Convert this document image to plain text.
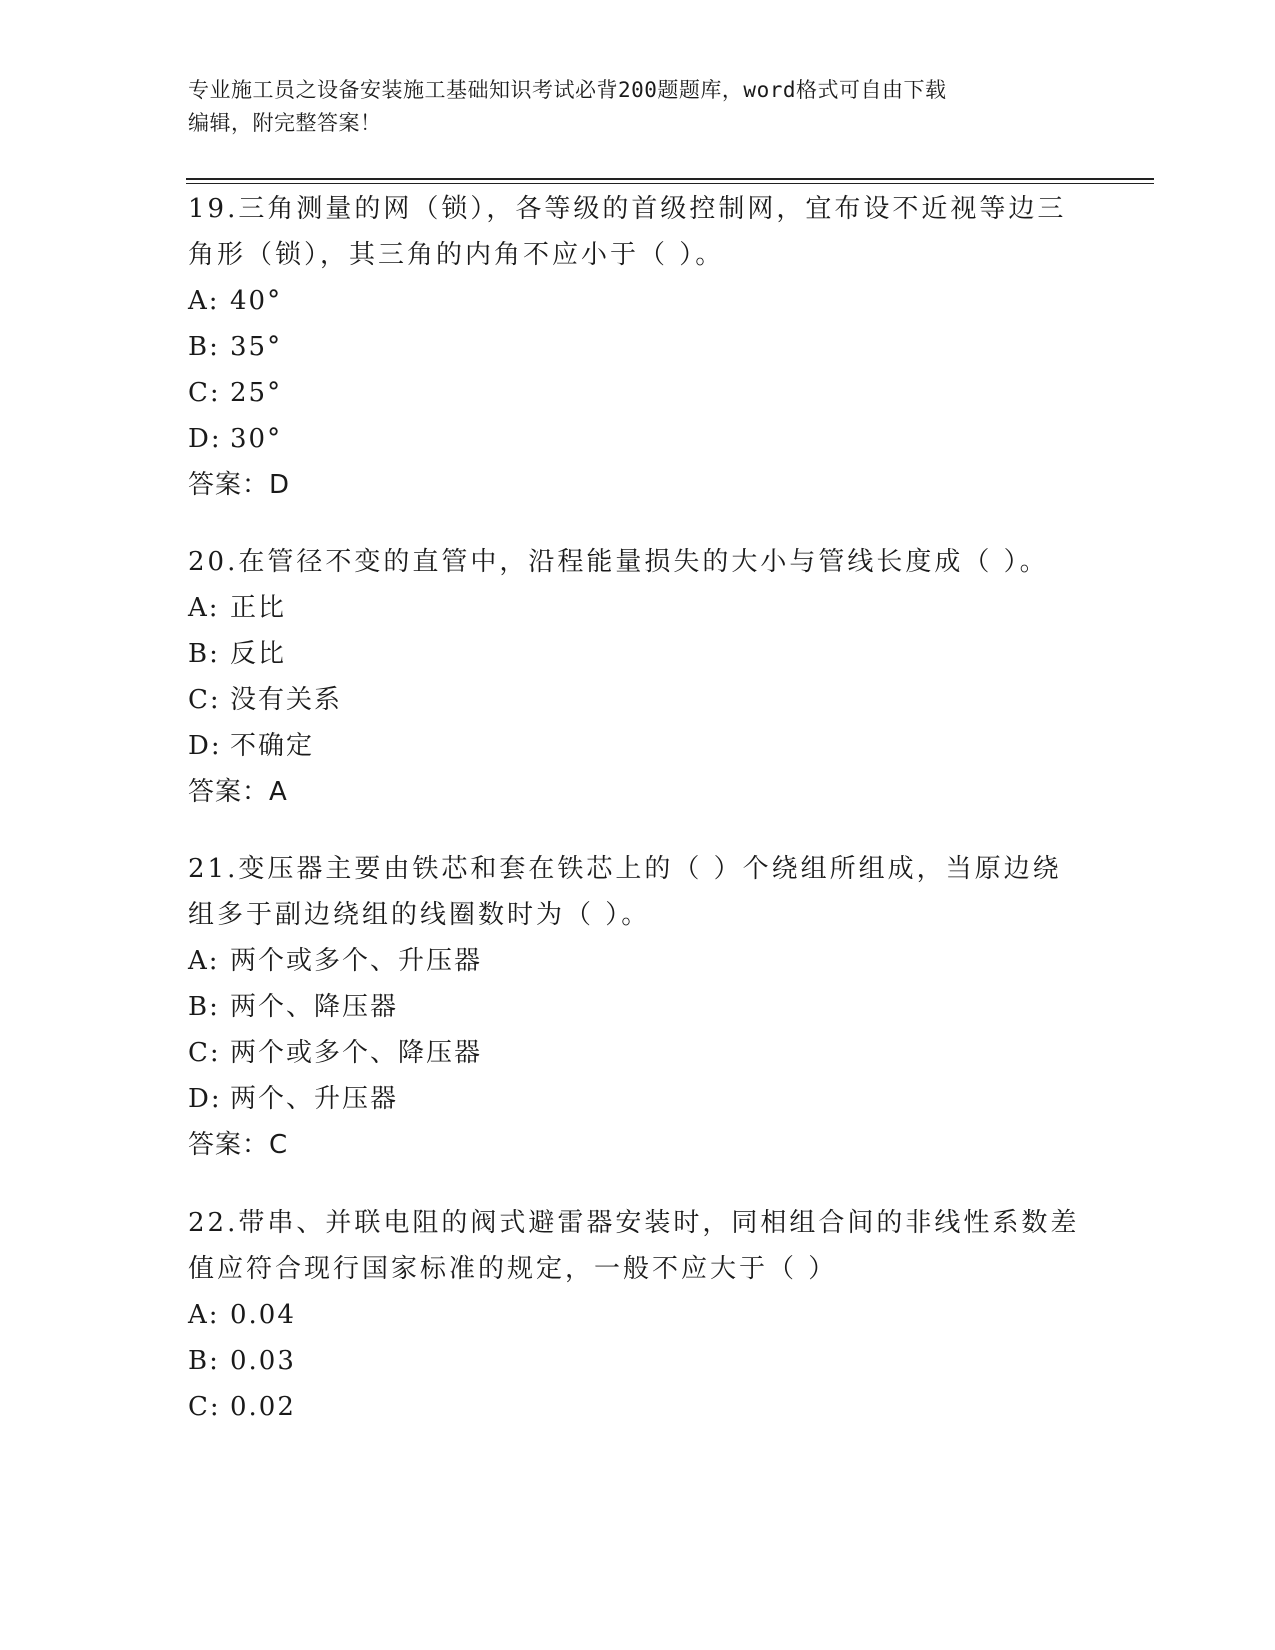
专业施工员之设备安装施工基础知识考试必背200题题库，word格式可自由下载
编辑，附完整答案！

19.三角测量的网（锁），各等级的首级控制网，宜布设不近视等边三

角形（锁），其三角的内角不应小于（ ）。

A: 40°

B: 35°

C: 25°

D: 30°

答案：D

20.在管径不变的直管中，沿程能量损失的大小与管线长度成（ ）。

A: 正比

B: 反比

C: 没有关系

D: 不确定

答案：A

21.变压器主要由铁芯和套在铁芯上的（ ）个绕组所组成，当原边绕

组多于副边绕组的线圈数时为（ ）。

A: 两个或多个、升压器

B: 两个、降压器

C: 两个或多个、降压器

D: 两个、升压器

答案：C

22.带串、并联电阻的阀式避雷器安装时，同相组合间的非线性系数差

值应符合现行国家标准的规定，一般不应大于（ ）

A: 0.04

B: 0.03

C: 0.02
